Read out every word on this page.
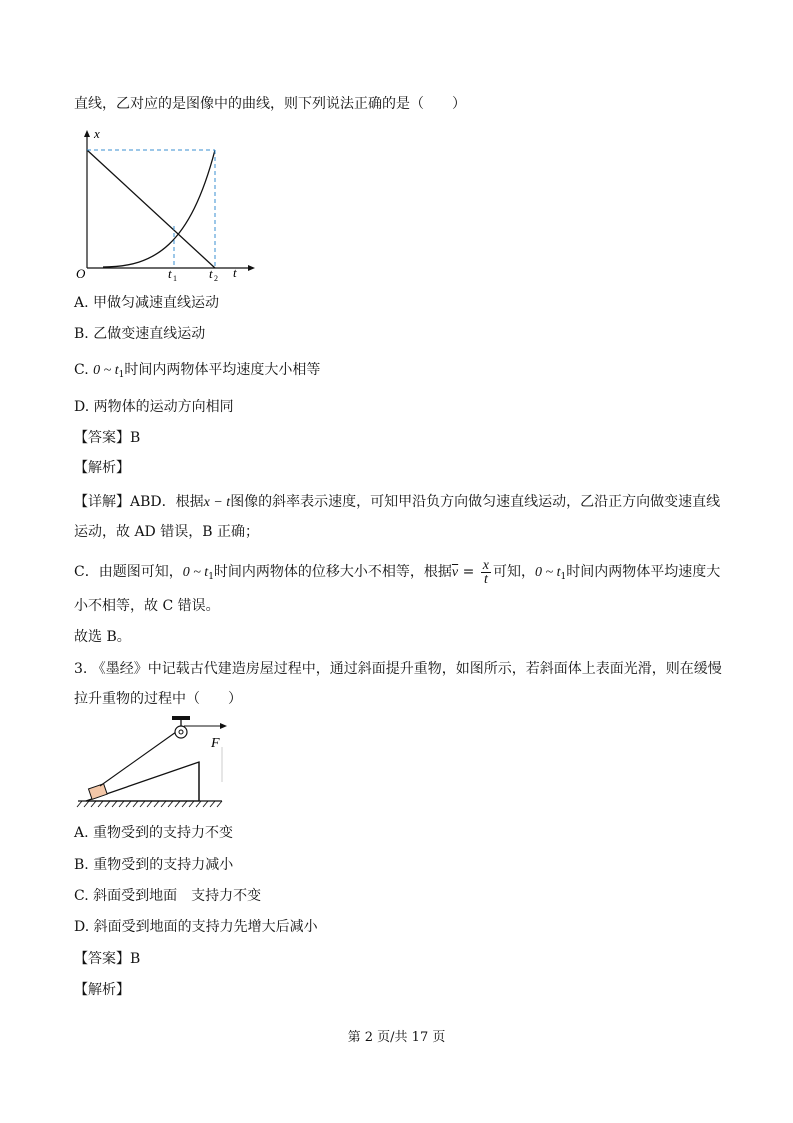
直线，乙对应的是图像中的曲线，则下列说法正确的是（　　）
x
t
O	t 1 t 2
A. 甲做匀减速直线运动
B. 乙做变速直线运动
C. 0 ~ $t_1$时间内两物体平均速度大小相等
D. 两物体的运动方向相同
【答案】B
【解析】
【详解】ABD．根据x − t图像的斜率表示速度，可知甲沿负方向做匀速直线运动，乙沿正方向做变速直线
运动，故 AD 错误，B 正确；
C．由题图可知，0 ~ $t_1$时间内两物体的位移大小不相等，根据$\overline{v} = \frac{x}{t}$ 可知，0 ~ $t_1$时间内两物体平均速度大
小不相等，故 C 错误。
故选 B。
3. 《墨经》中记载古代建造房屋过程中，通过斜面提升重物，如图所示，若斜面体上表面光滑，则在缓慢
拉升重物的过程中（　　）
F
A. 重物受到的支持力不变
B. 重物受到的支持力减小
C. 斜面受到地面　支持力不变
D. 斜面受到地面的支持力先增大后减小
【答案】B
【解析】
第 2 页/共 17 页
